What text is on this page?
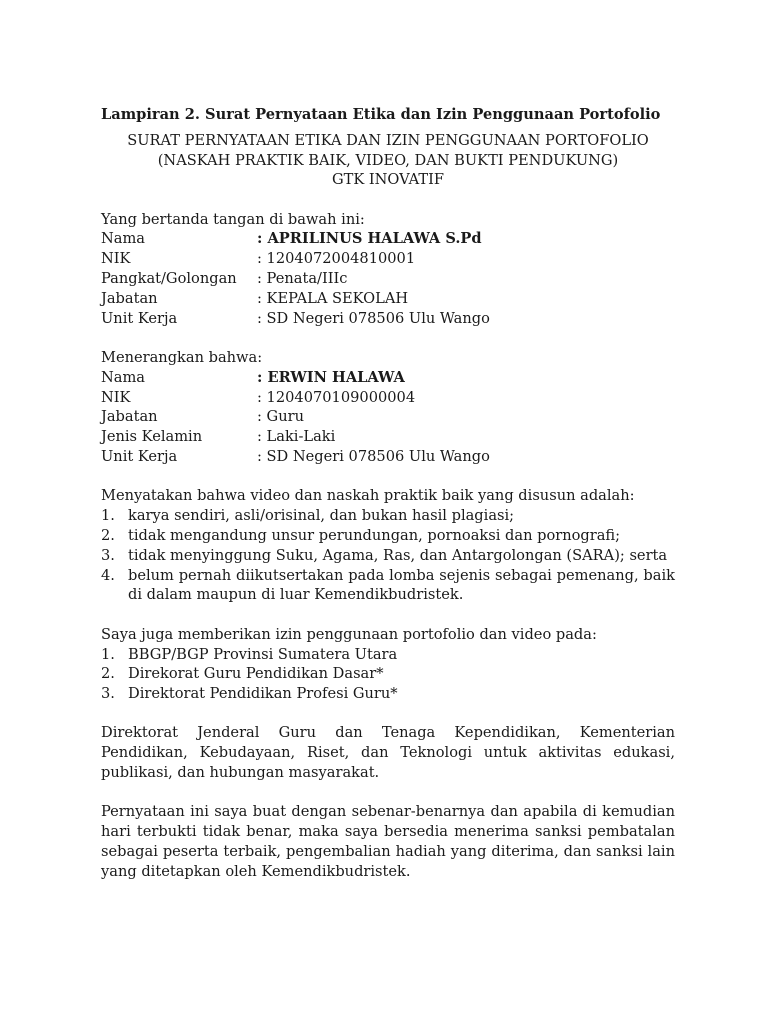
Lampiran 2. Surat Pernyataan Etika dan Izin Penggunaan Portofolio
SURAT PERNYATAAN ETIKA DAN IZIN PENGGUNAAN PORTOFOLIO
(NASKAH PRAKTIK BAIK, VIDEO, DAN BUKTI PENDUKUNG)
GTK INOVATIF
Yang bertanda tangan di bawah ini:
Nama	: APRILINUS HALAWA S.Pd
NIK	: 1204072004810001
Pangkat/Golongan	: Penata/IIIc
Jabatan	: KEPALA SEKOLAH
Unit Kerja	: SD Negeri 078506 Ulu Wango
Menerangkan bahwa:
Nama	: ERWIN HALAWA
NIK	: 1204070109000004
Jabatan	: Guru
Jenis Kelamin	: Laki-Laki
Unit Kerja	: SD Negeri 078506 Ulu Wango
Menyatakan bahwa video dan naskah praktik baik yang disusun adalah:
1. karya sendiri, asli/orisinal, dan bukan hasil plagiasi;
2. tidak mengandung unsur perundungan, pornoaksi dan pornografi;
3. tidak menyinggung Suku, Agama, Ras, dan Antargolongan (SARA); serta
4. belum pernah diikutsertakan pada lomba sejenis sebagai pemenang, baik di dalam maupun di luar Kemendikbudristek.
Saya juga memberikan izin penggunaan portofolio dan video pada:
1. BBGP/BGP Provinsi Sumatera Utara
2. Direkorat Guru Pendidikan Dasar*
3. Direktorat Pendidikan Profesi Guru*

Direktorat Jenderal Guru dan Tenaga Kependidikan, Kementerian Pendidikan, Kebudayaan, Riset, dan Teknologi untuk aktivitas edukasi, publikasi, dan hubungan masyarakat.

Pernyataan ini saya buat dengan sebenar-benarnya dan apabila di kemudian hari terbukti tidak benar, maka saya bersedia menerima sanksi pembatalan sebagai peserta terbaik, pengembalian hadiah yang diterima, dan sanksi lain yang ditetapkan oleh Kemendikbudristek.
